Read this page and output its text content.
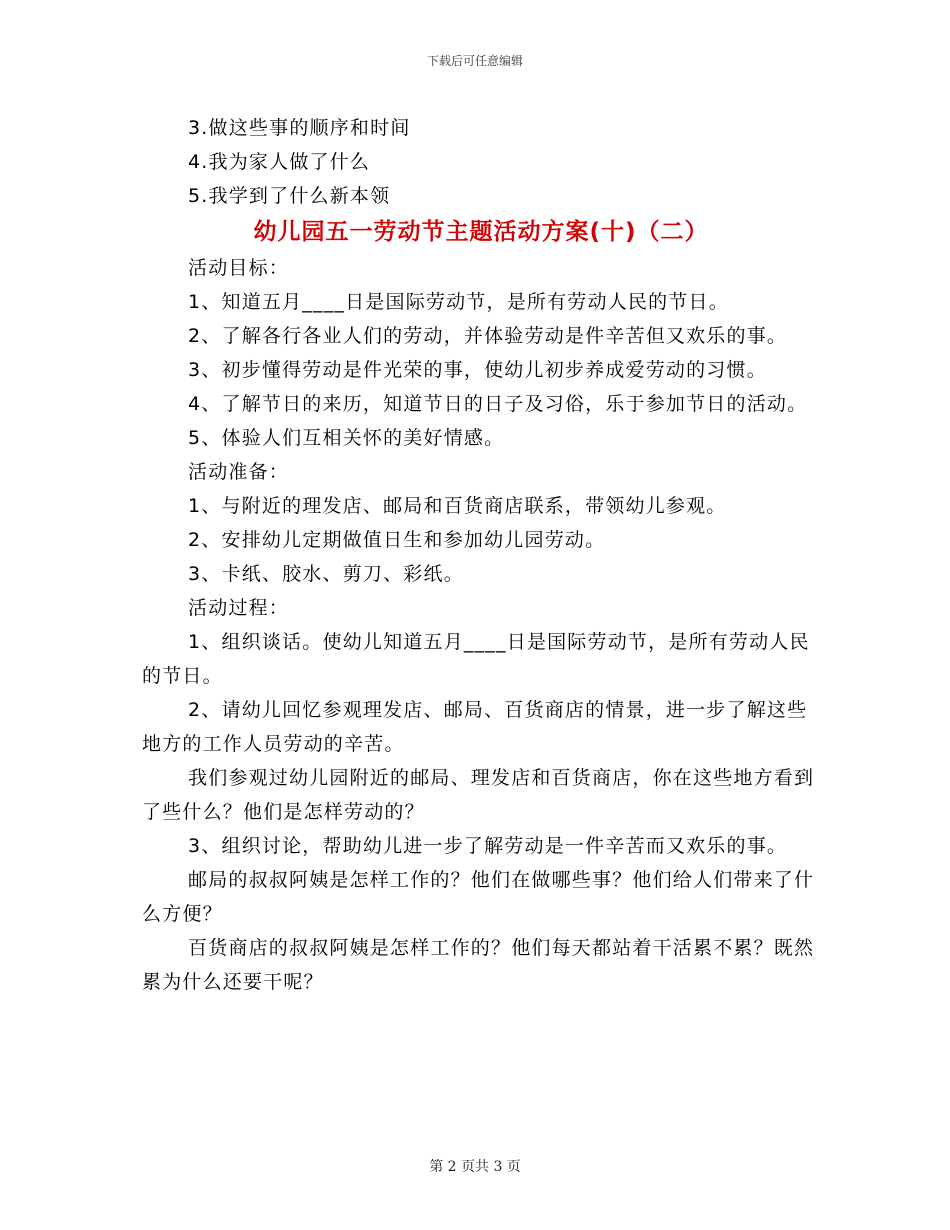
下载后可任意编辑
3.做这些事的顺序和时间
4.我为家人做了什么
5.我学到了什么新本领
幼儿园五一劳动节主题活动方案(十)（二）
活动目标：
1、知道五月____日是国际劳动节，是所有劳动人民的节日。
2、了解各行各业人们的劳动，并体验劳动是件辛苦但又欢乐的事。
3、初步懂得劳动是件光荣的事，使幼儿初步养成爱劳动的习惯。
4、了解节日的来历，知道节日的日子及习俗，乐于参加节日的活动。
5、体验人们互相关怀的美好情感。
活动准备：
1、与附近的理发店、邮局和百货商店联系，带领幼儿参观。
2、安排幼儿定期做值日生和参加幼儿园劳动。
3、卡纸、胶水、剪刀、彩纸。
活动过程：
1、组织谈话。使幼儿知道五月____日是国际劳动节，是所有劳动人民的节日。
2、请幼儿回忆参观理发店、邮局、百货商店的情景，进一步了解这些地方的工作人员劳动的辛苦。
我们参观过幼儿园附近的邮局、理发店和百货商店，你在这些地方看到了些什么？他们是怎样劳动的？
3、组织讨论，帮助幼儿进一步了解劳动是一件辛苦而又欢乐的事。
邮局的叔叔阿姨是怎样工作的？他们在做哪些事？他们给人们带来了什么方便？
百货商店的叔叔阿姨是怎样工作的？他们每天都站着干活累不累？既然累为什么还要干呢？
第 2 页共 3 页
